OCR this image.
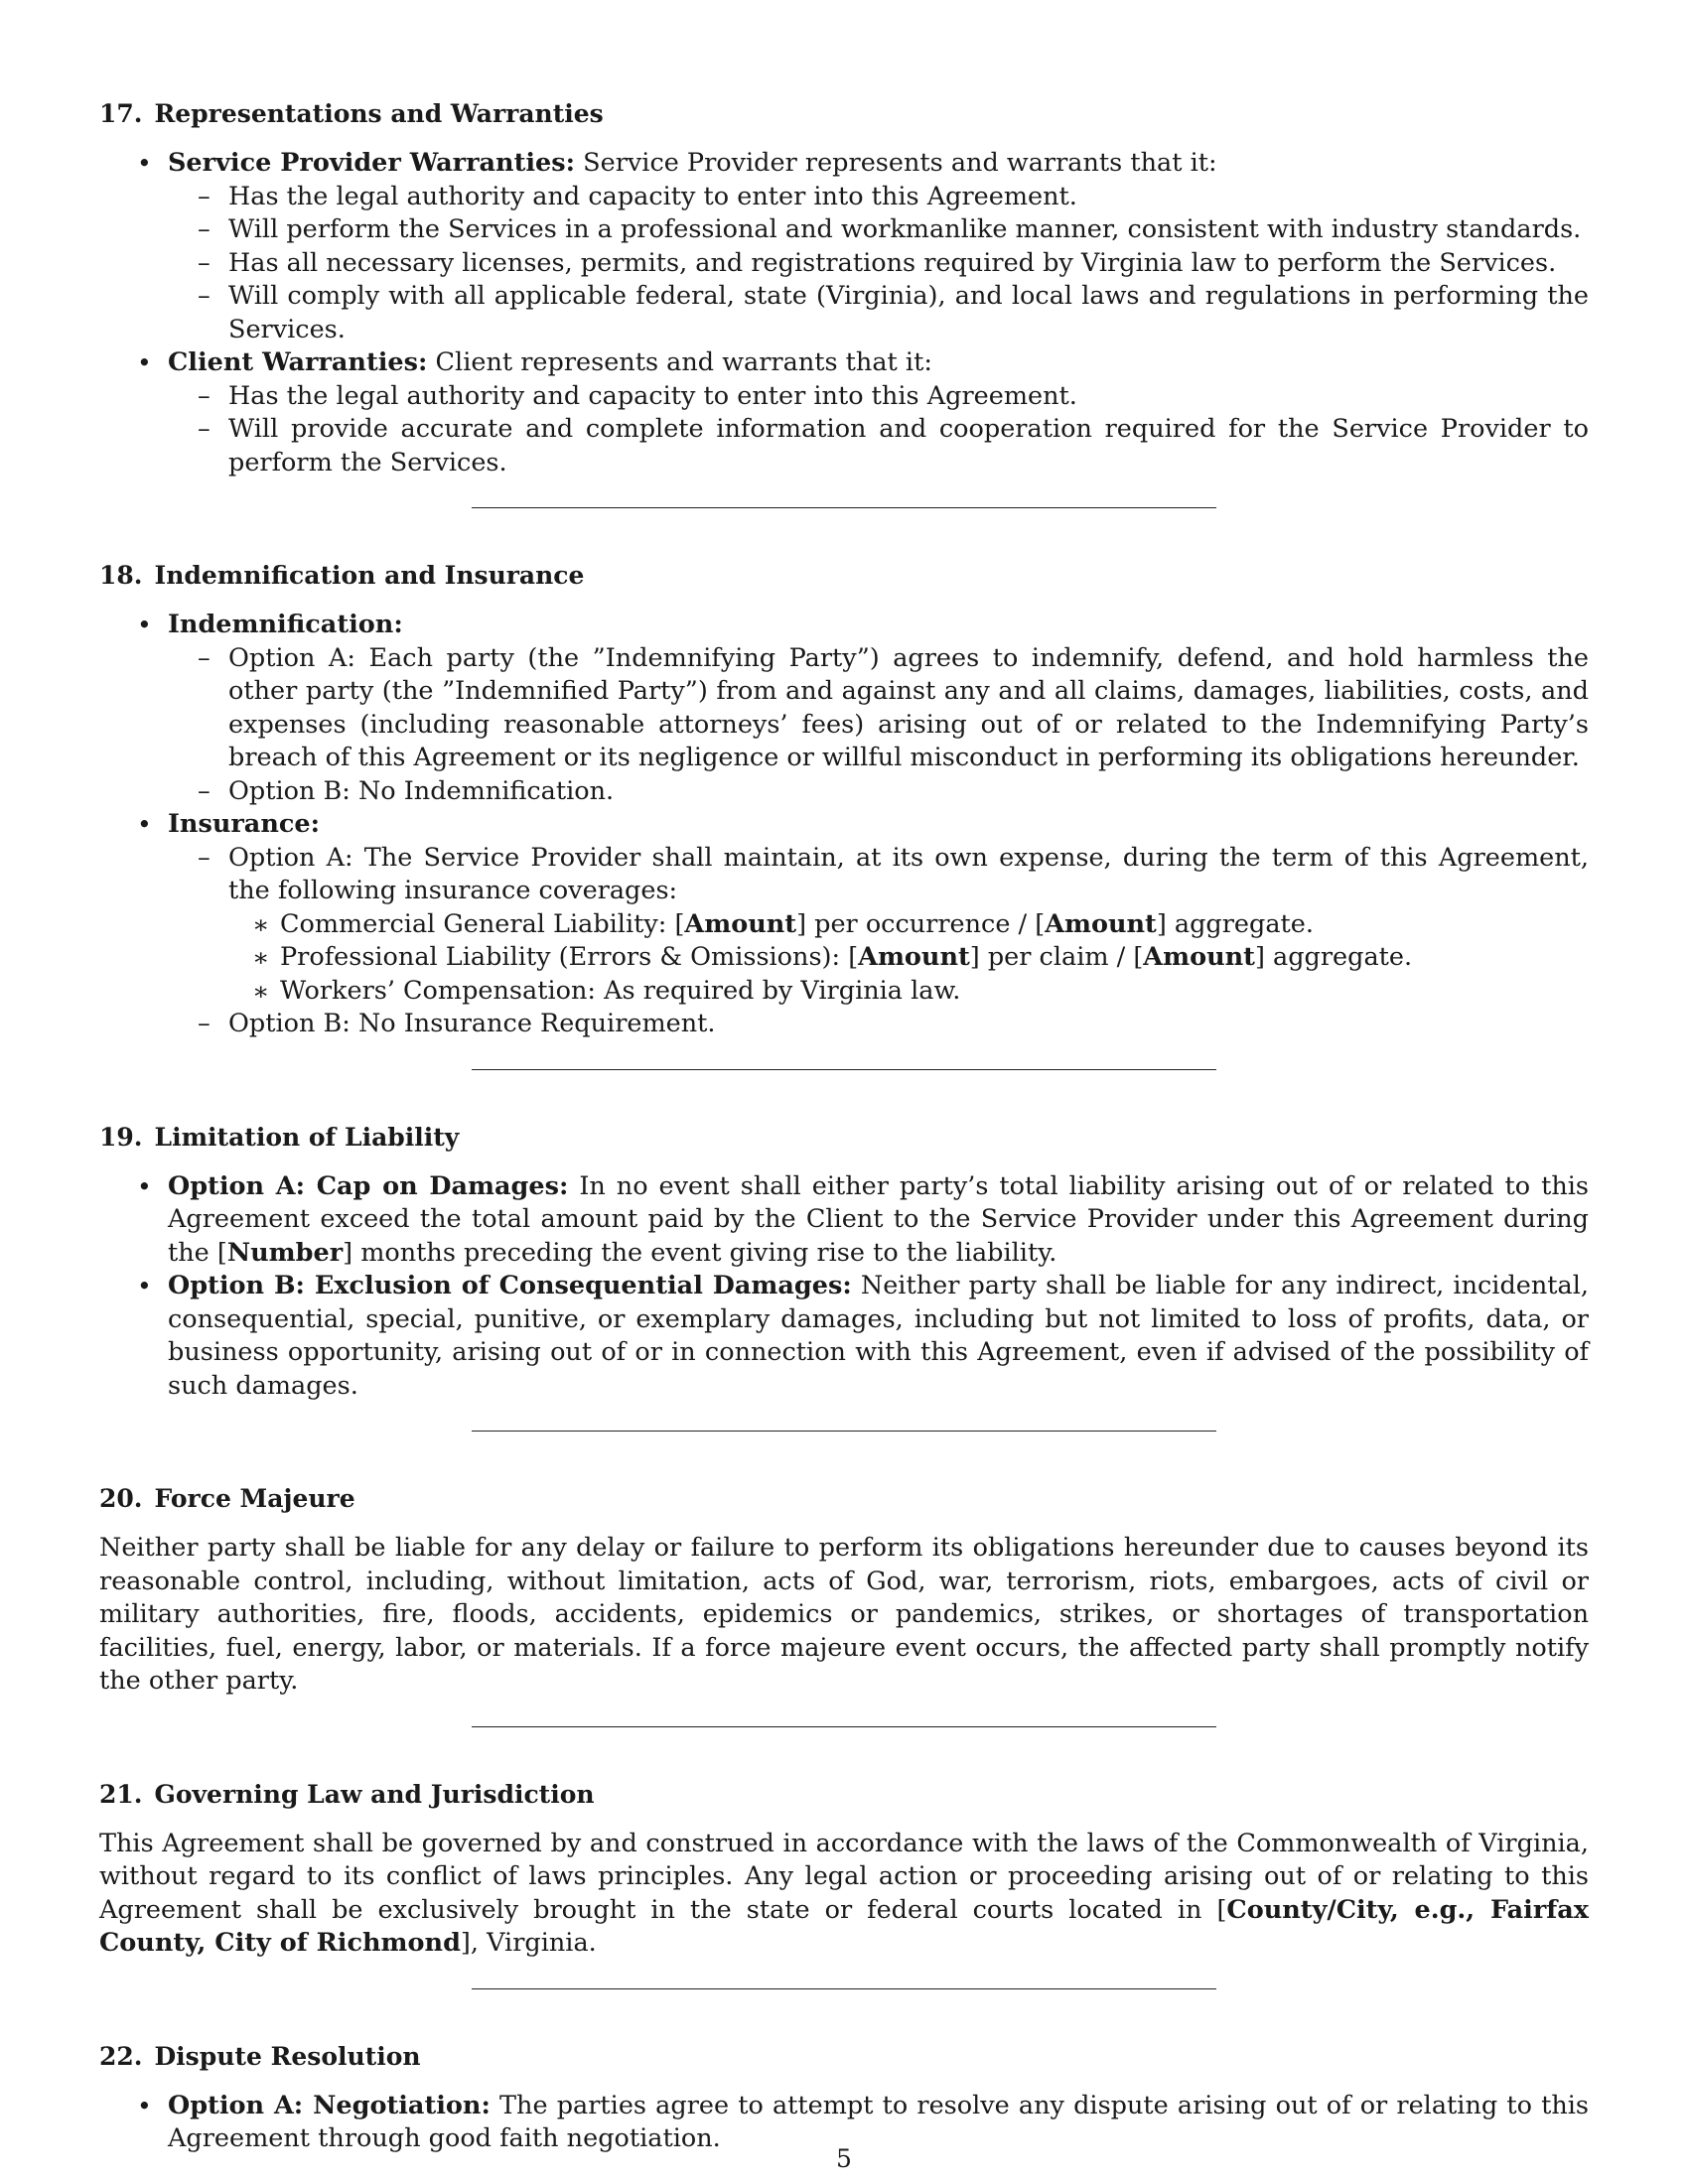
17. Representations and Warranties
• Service Provider Warranties: Service Provider represents and warrants that it:
– Has the legal authority and capacity to enter into this Agreement.
– Will perform the Services in a professional and workmanlike manner, consistent with industry standards.
– Has all necessary licenses, permits, and registrations required by Virginia law to perform the Services.
– Will comply with all applicable federal, state (Virginia), and local laws and regulations in performing the Services.
• Client Warranties: Client represents and warrants that it:
– Has the legal authority and capacity to enter into this Agreement.
– Will provide accurate and complete information and cooperation required for the Service Provider to perform the Services.
18. Indemnification and Insurance
• Indemnification:
– Option A: Each party (the ”Indemnifying Party”) agrees to indemnify, defend, and hold harmless the other party (the ”Indemnified Party”) from and against any and all claims, damages, liabilities, costs, and expenses (including reasonable attorneys’ fees) arising out of or related to the Indemnifying Party’s breach of this Agreement or its negligence or willful misconduct in performing its obligations hereunder.
– Option B: No Indemnification.
• Insurance:
– Option A: The Service Provider shall maintain, at its own expense, during the term of this Agreement, the following insurance coverages:
∗ Commercial General Liability: [Amount] per occurrence / [Amount] aggregate.
∗ Professional Liability (Errors & Omissions): [Amount] per claim / [Amount] aggregate.
∗ Workers’ Compensation: As required by Virginia law.
– Option B: No Insurance Requirement.
19. Limitation of Liability
• Option A: Cap on Damages: In no event shall either party’s total liability arising out of or related to this Agreement exceed the total amount paid by the Client to the Service Provider under this Agreement during the [Number] months preceding the event giving rise to the liability.
• Option B: Exclusion of Consequential Damages: Neither party shall be liable for any indirect, incidental, consequential, special, punitive, or exemplary damages, including but not limited to loss of profits, data, or business opportunity, arising out of or in connection with this Agreement, even if advised of the possibility of such damages.
20. Force Majeure
Neither party shall be liable for any delay or failure to perform its obligations hereunder due to causes beyond its reasonable control, including, without limitation, acts of God, war, terrorism, riots, embargoes, acts of civil or military authorities, fire, floods, accidents, epidemics or pandemics, strikes, or shortages of transportation facilities, fuel, energy, labor, or materials. If a force majeure event occurs, the affected party shall promptly notify the other party.
21. Governing Law and Jurisdiction
This Agreement shall be governed by and construed in accordance with the laws of the Commonwealth of Virginia, without regard to its conflict of laws principles. Any legal action or proceeding arising out of or relating to this Agreement shall be exclusively brought in the state or federal courts located in [County/City, e.g., Fairfax County, City of Richmond], Virginia.
22. Dispute Resolution
• Option A: Negotiation: The parties agree to attempt to resolve any dispute arising out of or relating to this Agreement through good faith negotiation.
5
